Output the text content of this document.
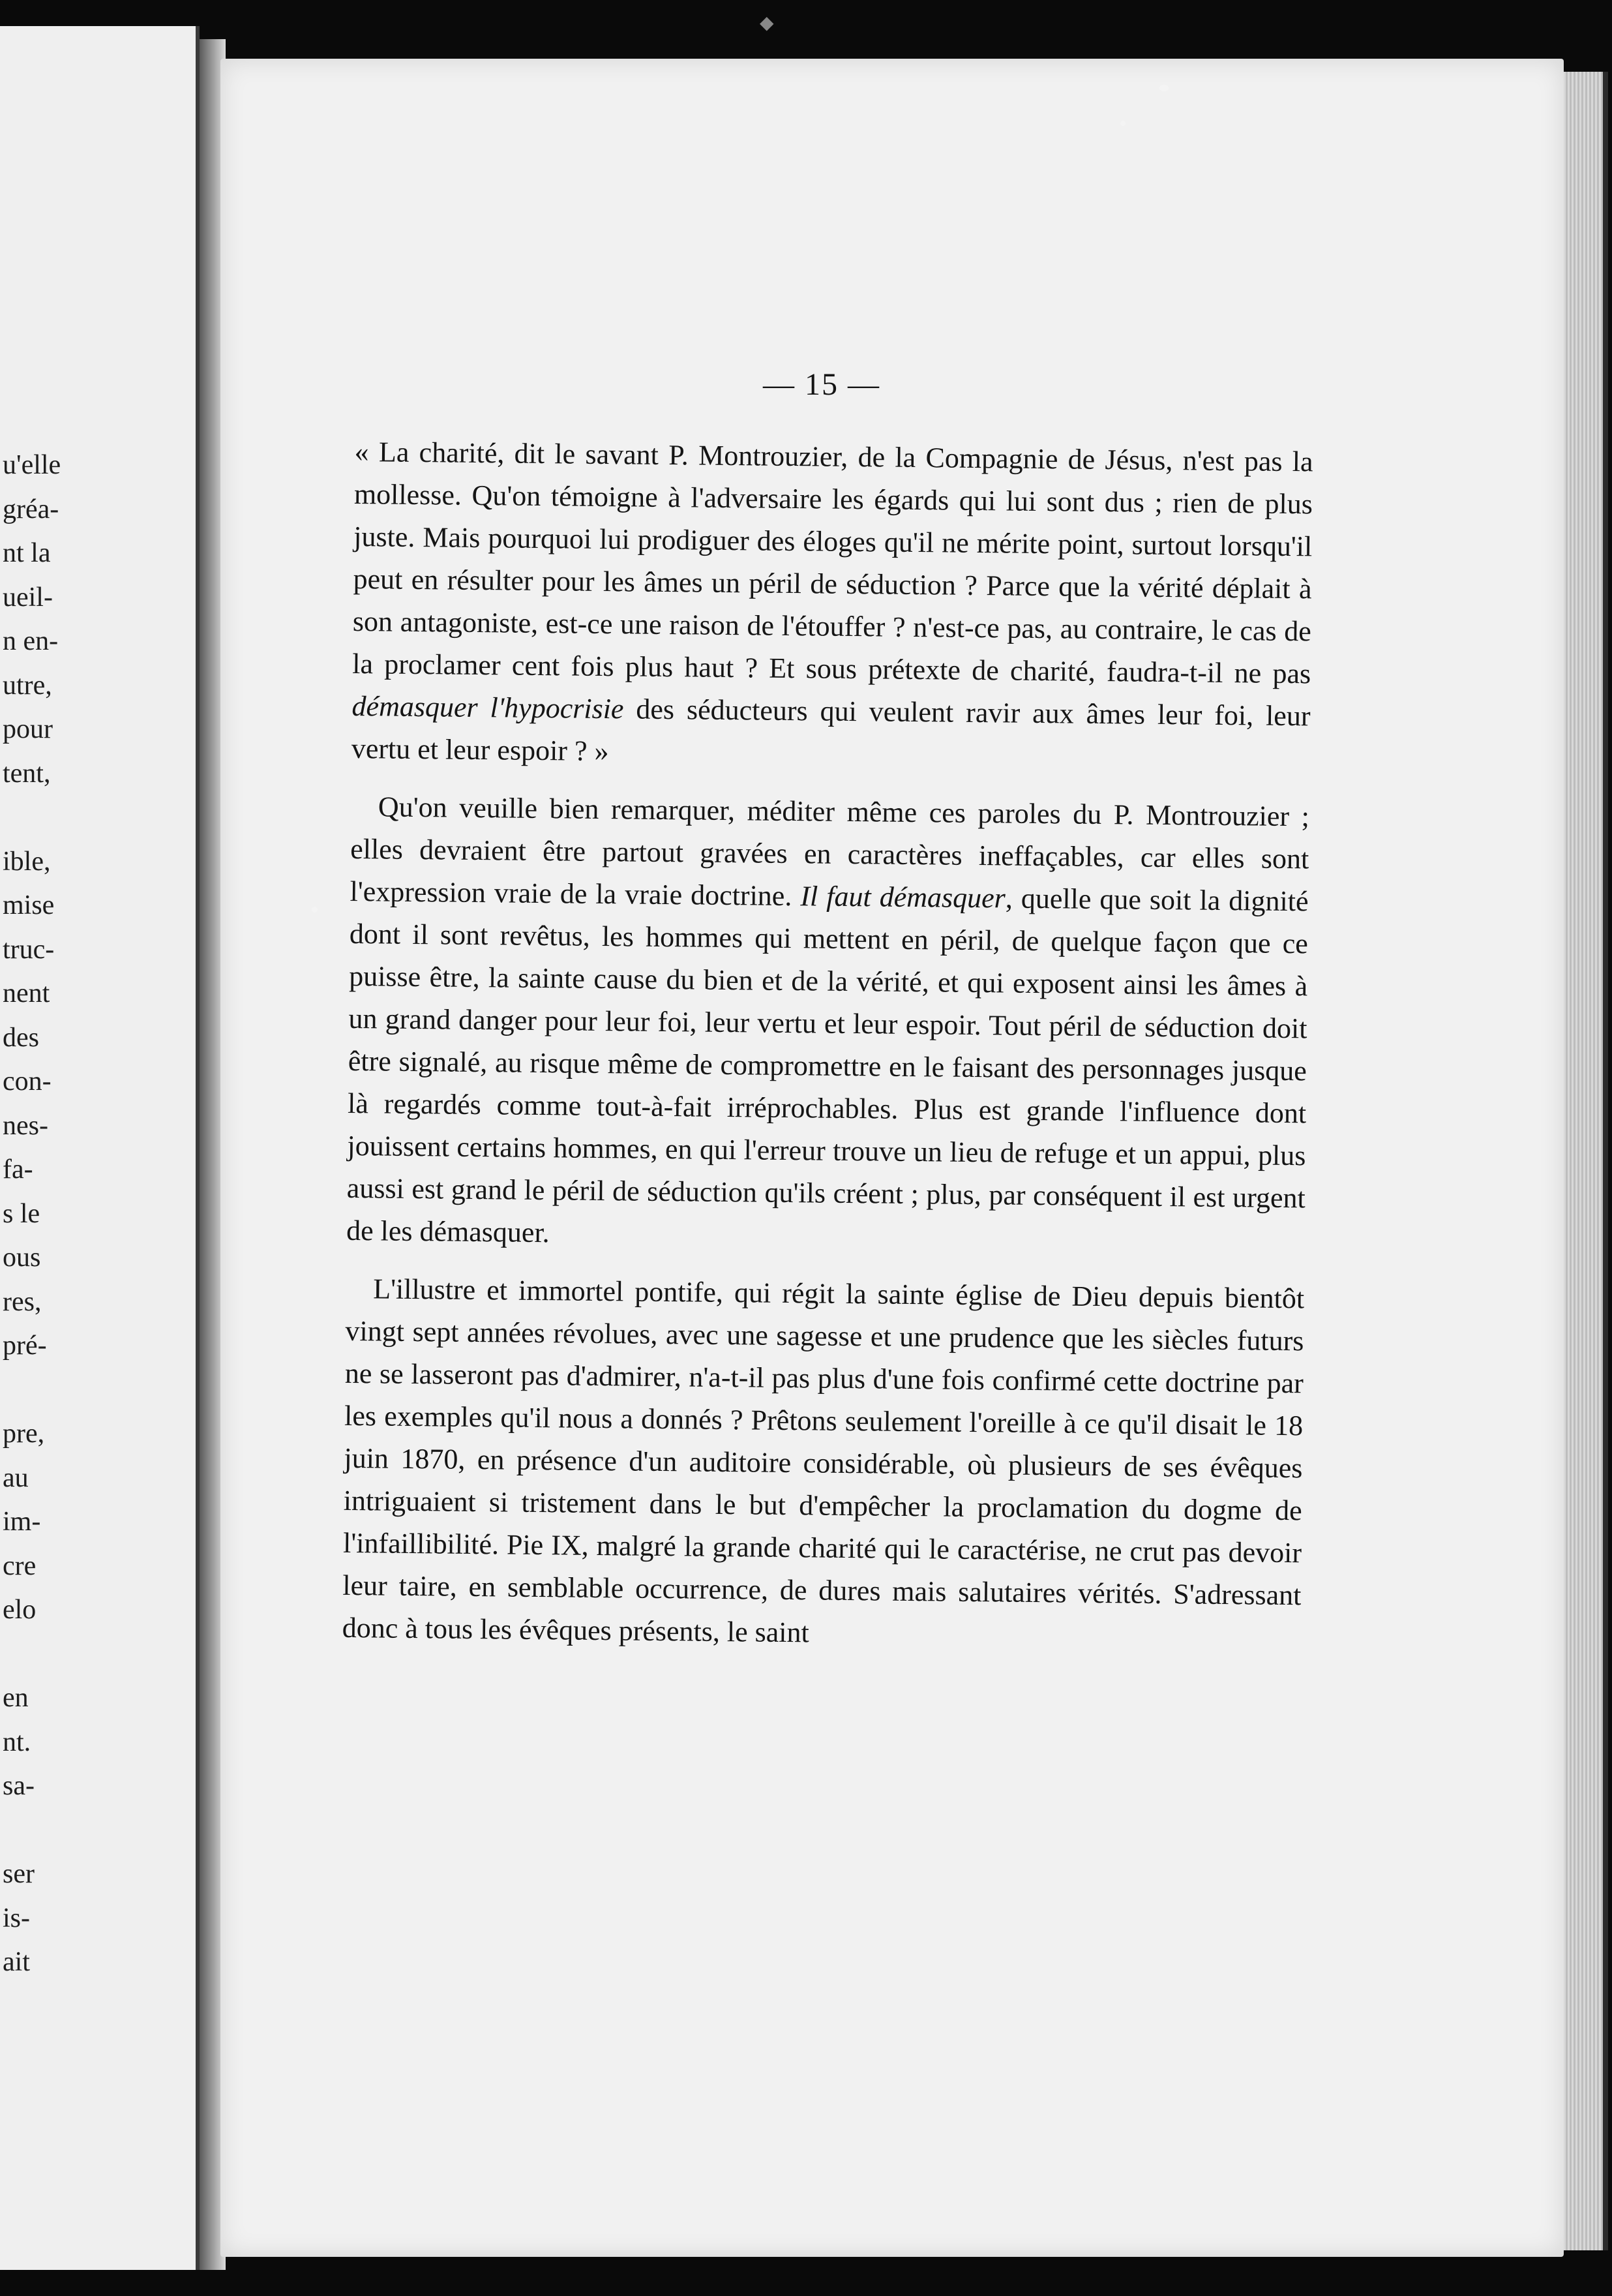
◆
u'elle
gréa-
nt la
ueil-
n en-
utre,
pour
tent,

ible,
mise
truc-
nent
des
con-
nes-
fa-
s le
ous
res,
pré-

pre,
au
im-
cre
elo

en
nt.
sa-

ser
is-
ait
— 15 —

« La charité, dit le savant P. Montrouzier, de la Compagnie de Jésus, n'est pas la mollesse. Qu'on témoigne à l'adversaire les égards qui lui sont dus ; rien de plus juste. Mais pourquoi lui prodiguer des éloges qu'il ne mérite point, surtout lorsqu'il peut en résulter pour les âmes un péril de séduction ? Parce que la vérité déplait à son antagoniste, est-ce une raison de l'étouffer ? n'est-ce pas, au contraire, le cas de la proclamer cent fois plus haut ? Et sous prétexte de charité, faudra-t-il ne pas démasquer l'hypocrisie des séducteurs qui veulent ravir aux âmes leur foi, leur vertu et leur espoir ? »

Qu'on veuille bien remarquer, méditer même ces paroles du P. Montrouzier ; elles devraient être partout gravées en caractères ineffaçables, car elles sont l'expression vraie de la vraie doctrine. Il faut démasquer, quelle que soit la dignité dont il sont revêtus, les hommes qui mettent en péril, de quelque façon que ce puisse être, la sainte cause du bien et de la vérité, et qui exposent ainsi les âmes à un grand danger pour leur foi, leur vertu et leur espoir. Tout péril de séduction doit être signalé, au risque même de compromettre en le faisant des personnages jusque là regardés comme tout-à-fait irréprochables. Plus est grande l'influence dont jouissent certains hommes, en qui l'erreur trouve un lieu de refuge et un appui, plus aussi est grand le péril de séduction qu'ils créent ; plus, par conséquent il est urgent de les démasquer.

L'illustre et immortel pontife, qui régit la sainte église de Dieu depuis bientôt vingt sept années révolues, avec une sagesse et une prudence que les siècles futurs ne se lasseront pas d'admirer, n'a-t-il pas plus d'une fois confirmé cette doctrine par les exemples qu'il nous a donnés ? Prêtons seulement l'oreille à ce qu'il disait le 18 juin 1870, en présence d'un auditoire considérable, où plusieurs de ses évêques intriguaient si tristement dans le but d'empêcher la proclamation du dogme de l'infaillibilité. Pie IX, malgré la grande charité qui le caractérise, ne crut pas devoir leur taire, en semblable occurrence, de dures mais salutaires vérités. S'adressant donc à tous les évêques présents, le saint
